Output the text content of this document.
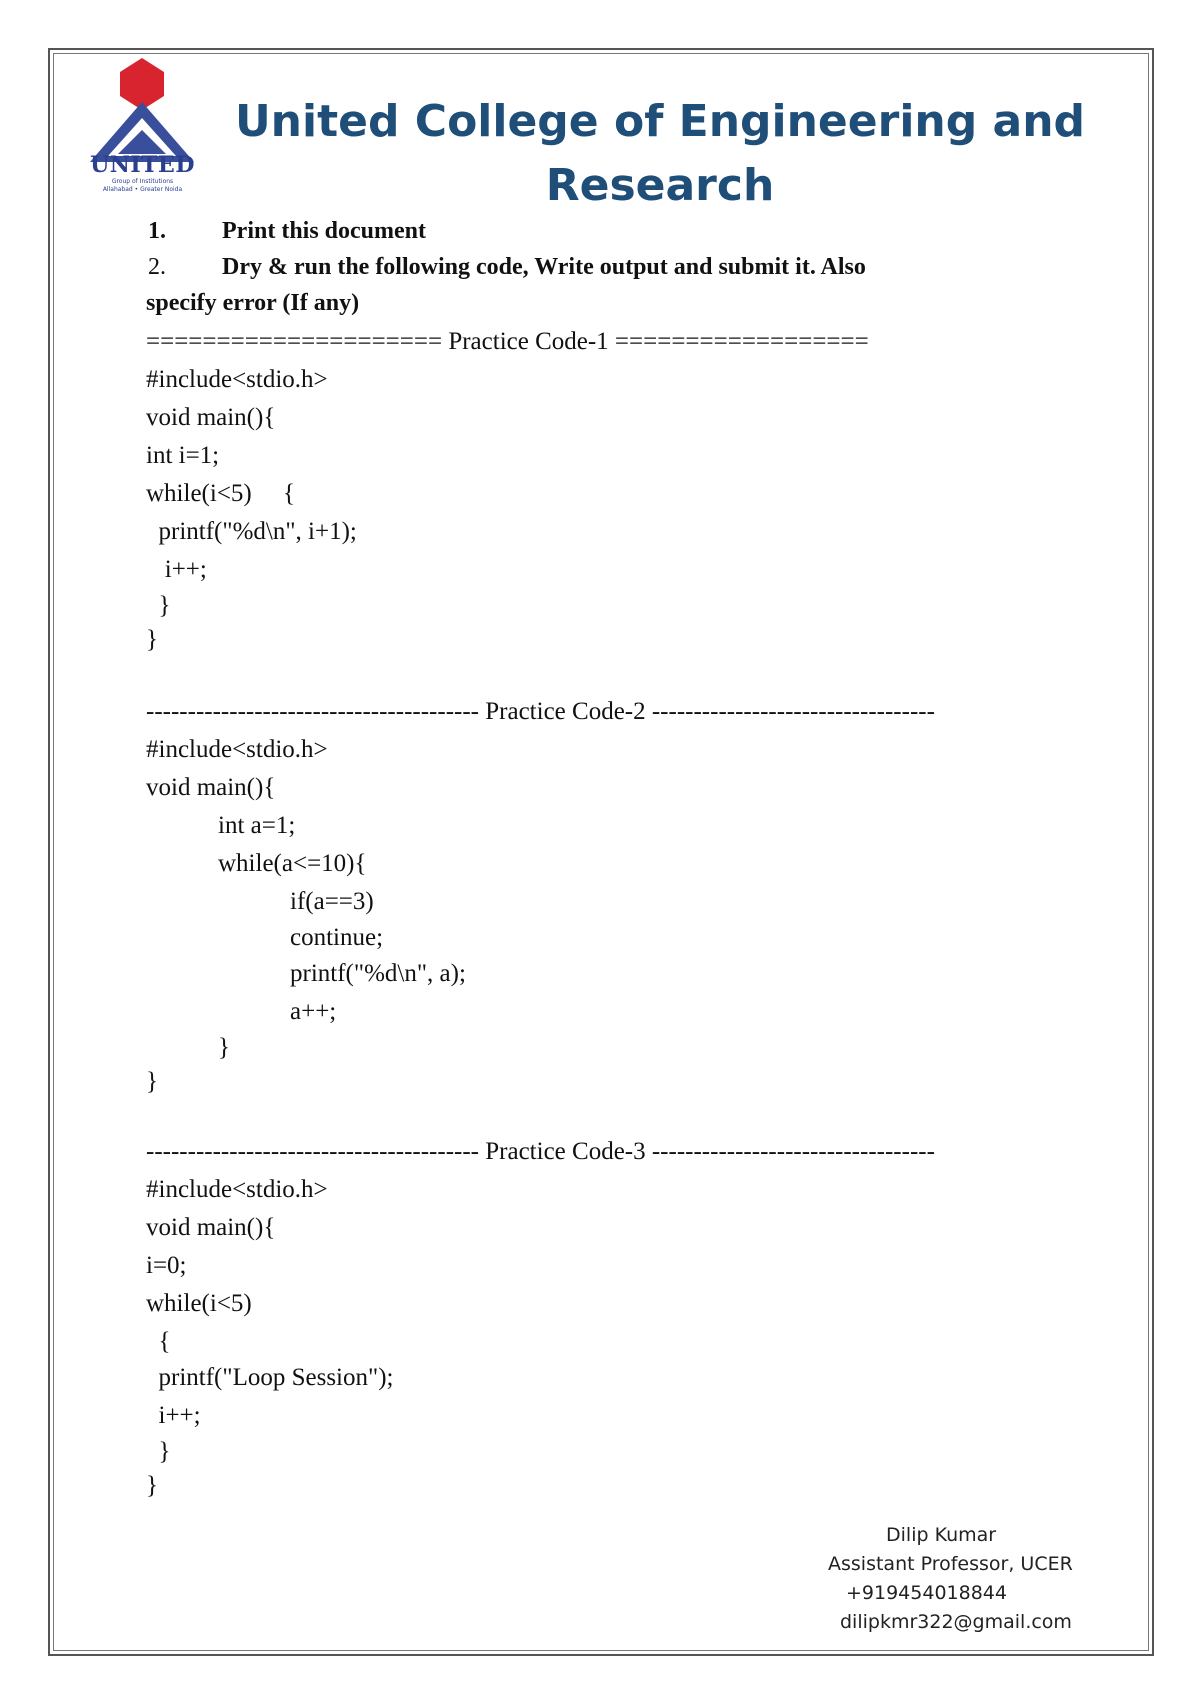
UNITED
Group of Institutions
Allahabad • Greater Noida
United College of Engineering and
Research
1. Print this document
2. Dry & run the following code, Write output and submit it. Also
specify error (If any)
===================== Practice Code-1 ==================
#include<stdio.h>
void main(){
int i=1;
while(i<5)     {
printf("%d\n", i+1);
i++;
}
}
---------------------------------------- Practice Code-2 ----------------------------------
#include<stdio.h>
void main(){
int a=1;
while(a<=10){
if(a==3)
continue;
printf("%d\n", a);
a++;
}
}
---------------------------------------- Practice Code-3 ----------------------------------
#include<stdio.h>
void main(){
i=0;
while(i<5)
{
printf("Loop Session");
i++;
}
}
Dilip Kumar
Assistant Professor, UCER
+919454018844
dilipkmr322@gmail.com
